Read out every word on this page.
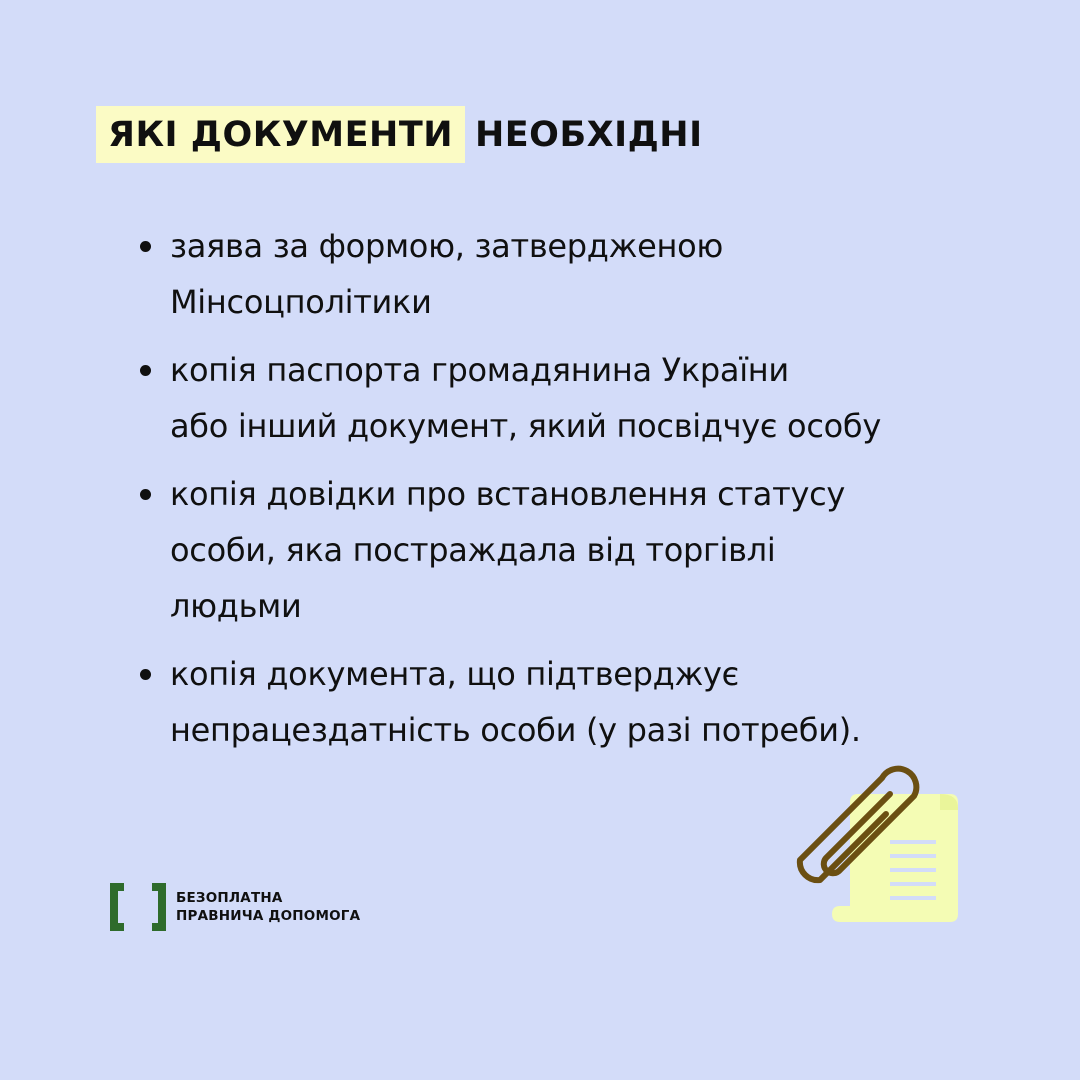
ЯКІ ДОКУМЕНТИ НЕОБХІДНІ
заява за формою, затвердженою
Мінсоцполітики
копія паспорта громадянина України
або інший документ, який посвідчує особу
копія довідки про встановлення статусу
особи, яка постраждала від торгівлі
людьми
копія документа, що підтверджує
непрацездатність особи (у разі потреби).
БЕЗОПЛАТНА
ПРАВНИЧА ДОПОМОГА
